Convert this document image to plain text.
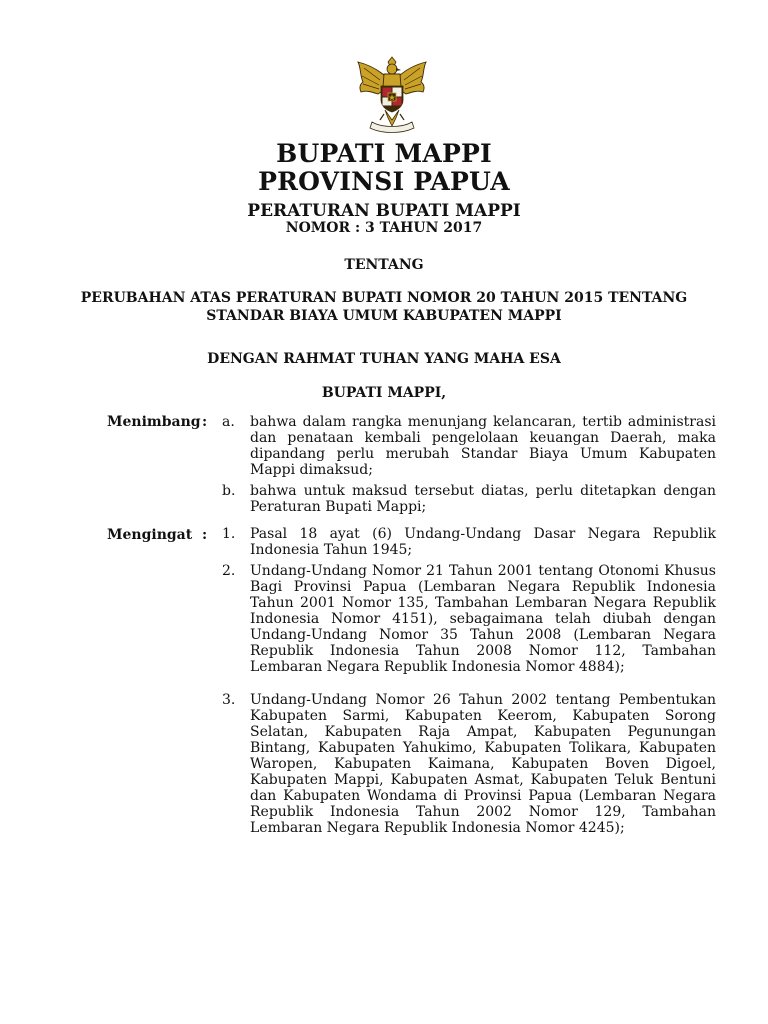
BUPATI MAPPI
PROVINSI PAPUA
PERATURAN BUPATI MAPPI
NOMOR : 3 TAHUN 2017
TENTANG
PERUBAHAN ATAS PERATURAN BUPATI NOMOR 20 TAHUN 2015 TENTANG
STANDAR BIAYA UMUM KABUPATEN MAPPI
DENGAN RAHMAT TUHAN YANG MAHA ESA
BUPATI MAPPI,
Menimbang : a. bahwa dalam rangka menunjang kelancaran, tertib administrasi dan penataan kembali pengelolaan keuangan Daerah, maka dipandang perlu merubah Standar Biaya Umum Kabupaten Mappi dimaksud;
b. bahwa untuk maksud tersebut diatas, perlu ditetapkan dengan Peraturan Bupati Mappi;
Mengingat : 1. Pasal 18 ayat (6) Undang-Undang Dasar Negara Republik Indonesia Tahun 1945;
2. Undang-Undang Nomor 21 Tahun 2001 tentang Otonomi Khusus Bagi Provinsi Papua (Lembaran Negara Republik Indonesia Tahun 2001 Nomor 135, Tambahan Lembaran Negara Republik Indonesia Nomor 4151), sebagaimana telah diubah dengan Undang-Undang Nomor 35 Tahun 2008 (Lembaran Negara Republik Indonesia Tahun 2008 Nomor 112, Tambahan Lembaran Negara Republik Indonesia Nomor 4884);
3. Undang-Undang Nomor 26 Tahun 2002 tentang Pembentukan Kabupaten Sarmi, Kabupaten Keerom, Kabupaten Sorong Selatan, Kabupaten Raja Ampat, Kabupaten Pegunungan Bintang, Kabupaten Yahukimo, Kabupaten Tolikara, Kabupaten Waropen, Kabupaten Kaimana, Kabupaten Boven Digoel, Kabupaten Mappi, Kabupaten Asmat, Kabupaten Teluk Bentuni dan Kabupaten Wondama di Provinsi Papua (Lembaran Negara Republik Indonesia Tahun 2002 Nomor 129, Tambahan Lembaran Negara Republik Indonesia Nomor 4245);
